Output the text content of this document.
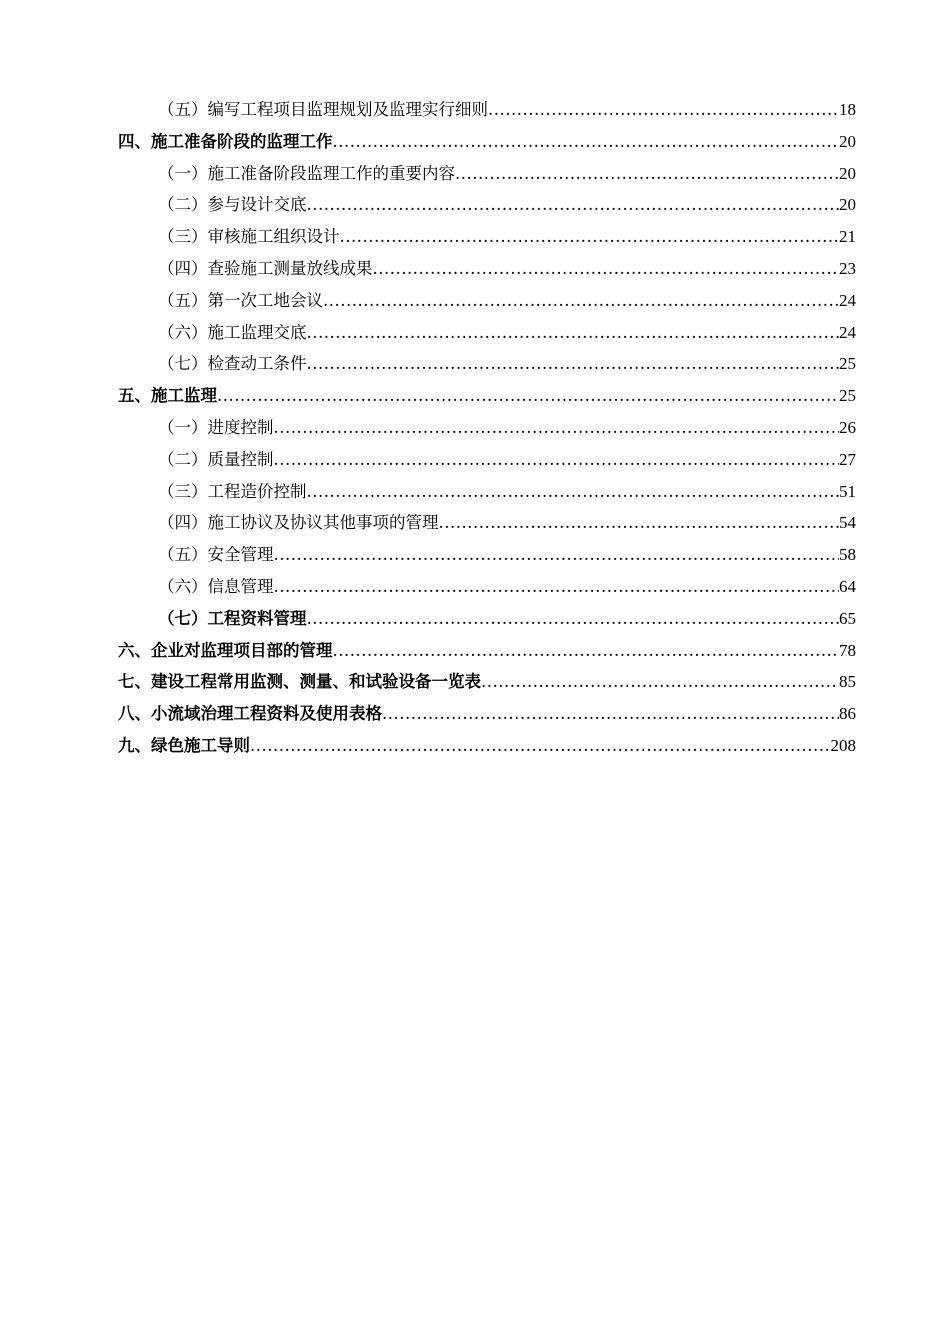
（五）编写工程项目监理规划及监理实行细则 .....	18
四、施工准备阶段的监理工作 .....	20
（一）施工准备阶段监理工作的重要内容 .....	20
（二）参与设计交底 .....	20
（三）审核施工组织设计 .....	21
（四）查验施工测量放线成果 .....	23
（五）第一次工地会议 .....	24
（六）施工监理交底 .....	24
（七）检查动工条件 .....	25
五、施工监理 .....	25
（一）进度控制 .....	26
（二）质量控制 .....	27
（三）工程造价控制 .....	51
（四）施工协议及协议其他事项的管理 .....	54
（五）安全管理 .....	58
（六）信息管理 .....	64
（七）工程资料管理 .....	65
六、企业对监理项目部的管理 .....	78
七、建设工程常用监测、测量、和试验设备一览表 .....	85
八、小流域治理工程资料及使用表格 .....	86
九、绿色施工导则 .....	208
